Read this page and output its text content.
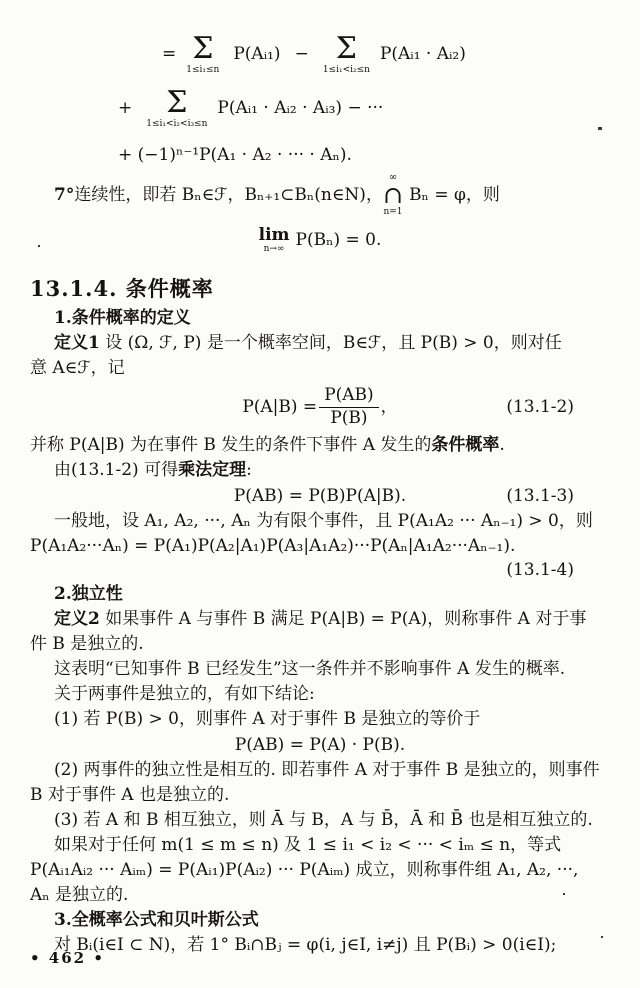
= Σ
1≤i₁≤n
P(Aᵢ₁) − Σ
1≤i₁<i₂≤n
P(Aᵢ₁ · Aᵢ₂)
+ Σ
1≤i₁<i₂<i₃≤n
P(Aᵢ₁ · Aᵢ₂ · Aᵢ₃) − ···
+ (−1)ⁿ⁻¹P(A₁ · A₂ · ··· · Aₙ).
7° 连续性，即若 Bₙ∈ℱ，Bₙ₊₁⊂Bₙ(n∈N)，
∞
∩
n=1
Bₙ = φ，则
lim
n→∞ P(Bₙ) = 0.
13.1.4. 条件概率
1.条件概率的定义
定义1 设 (Ω, ℱ, P) 是一个概率空间，B∈ℱ，且 P(B) > 0，则对任
意 A∈ℱ，记
$P(A|B) = \frac{P(AB)}{P(B)}$ ，	(13.1-2)
并称 P(A|B) 为在事件 B 发生的条件下事件 A 发生的条件概率.
由(13.1-2) 可得乘法定理:
P(AB) = P(B)P(A|B).	(13.1-3)
一般地，设 A₁, A₂, ···, Aₙ 为有限个事件，且 P(A₁A₂ ··· Aₙ₋₁) > 0，则
P(A₁A₂···Aₙ) = P(A₁)P(A₂|A₁)P(A₃|A₁A₂)···P(Aₙ|A₁A₂···Aₙ₋₁).
(13.1-4)
2.独立性
定义2 如果事件 A 与事件 B 满足 P(A|B) = P(A)，则称事件 A 对于事
件 B 是独立的.
这表明“已知事件 B 已经发生”这一条件并不影响事件 A 发生的概率.
关于两事件是独立的，有如下结论:
(1) 若 P(B) > 0，则事件 A 对于事件 B 是独立的等价于
P(AB) = P(A) · P(B).
(2) 两事件的独立性是相互的. 即若事件 A 对于事件 B 是独立的，则事件
B 对于事件 A 也是独立的.
(3) 若 A 和 B 相互独立，则 Ā 与 B，A 与 B̄，Ā 和 B̄ 也是相互独立的.
如果对于任何 m(1 ≤ m ≤ n) 及 1 ≤ i₁ < i₂ < ··· < iₘ ≤ n，等式
P(Aᵢ₁Aᵢ₂ ··· Aᵢₘ) = P(Aᵢ₁)P(Aᵢ₂) ··· P(Aᵢₘ) 成立，则称事件组 A₁, A₂, ···,
Aₙ 是独立的.
3.全概率公式和贝叶斯公式
对 Bᵢ(i∈I ⊂ N)，若 1° Bᵢ∩Bⱼ = φ(i, j∈I, i≠j) 且 P(Bᵢ) > 0(i∈I);
• 462 •
